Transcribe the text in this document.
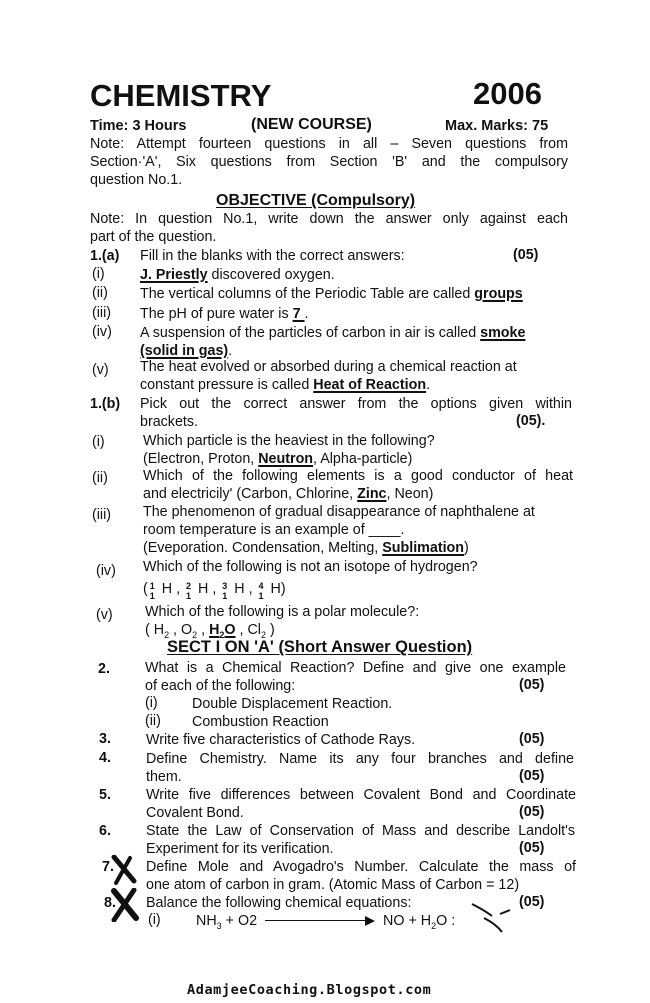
CHEMISTRY	2006
Time: 3 Hours	(NEW COURSE)	Max. Marks: 75
Note: Attempt fourteen questions in all – Seven questions from
Section·'A', Six questions from Section 'B' and the compulsory
question No.1.
OBJECTIVE (Compulsory)
Note: In question No.1, write down the answer only against each
part of the question.
1.(a) Fill in the blanks with the correct answers:	(05)
(i) J. Priestly discovered oxygen.
(ii) The vertical columns of the Periodic Table are called groups
(iii) The pH of pure water is 7 .
(iv) A suspension of the particles of carbon in air is called smoke
(solid in gas).
(v) The heat evolved or absorbed during a chemical reaction at
constant pressure is called Heat of Reaction.
1.(b) Pick out the correct answer from the options given within
brackets.	(05).
(i)	Which particle is the heaviest in the following?
(Electron, Proton, Neutron, Alpha-particle)
(ii) Which of the following elements is a good conductor of heat
and electricily' (Carbon, Chlorine, Zinc, Neon)
(iii) The phenomenon of gradual disappearance of naphthalene at
room temperature is an example of ____.
(Eveporation. Condensation, Melting, Sublimation)
(iv) Which of the following is not an isotope of hydrogen?
( 1
1 H , 2
1 H , 3
1 H , 4
1 H)
(v) Which of the following is a polar molecule?:
( $H_2$ , $O_2$ , $H_2O$ , $Cl_2$ )
SECT I ON 'A' (Short Answer Question)
2. What is a Chemical Reaction? Define and give one example
of each of the following:	(05)
(i) Double Displacement Reaction.
(ii) Combustion Reaction
3. Write five characteristics of Cathode Rays.	(05)
4. Define Chemistry. Name its any four branches and define
them.	(05)
5. Write five differences between Covalent Bond and Coordinate
Covalent Bond.	(05)
6. State the Law of Conservation of Mass and describe Landolt's
Experiment for its verification.	(05)
7. Define Mole and Avogadro's Number. Calculate the mass of
one atom of carbon in gram. (Atomic Mass of Carbon = 12)
8. Balance the following chemical equations:	(05)
(i) $NH_3 + O2$	NO + $H_2O$ :
AdamjeeCoaching.Blogspot.com
